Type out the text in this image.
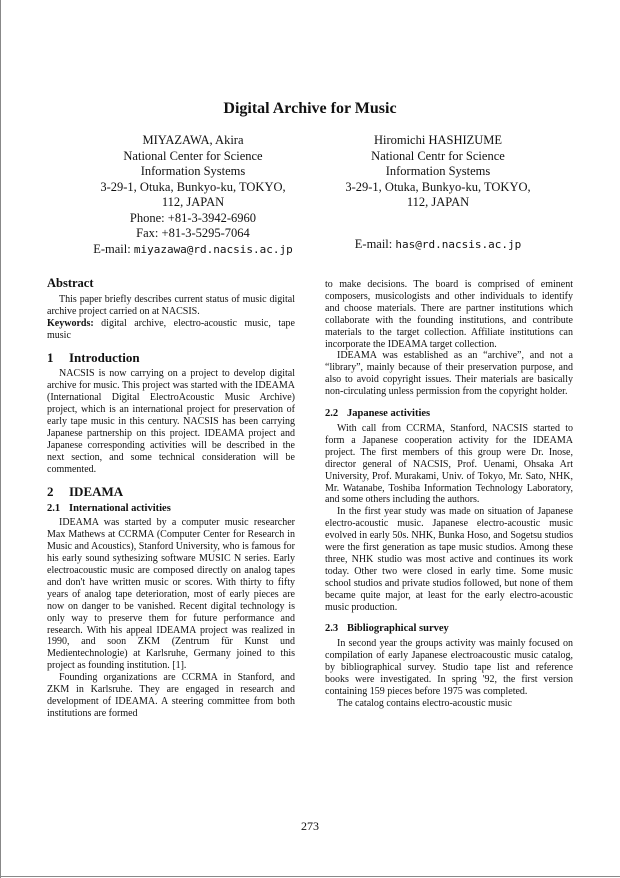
Digital Archive for Music
MIYAZAWA, Akira
National Center for Science
Information Systems
3-29-1, Otuka, Bunkyo-ku, TOKYO,
112, JAPAN
Phone: +81-3-3942-6960
Fax: +81-3-5295-7064
E-mail: miyazawa@rd.nacsis.ac.jp
Hiromichi HASHIZUME
National Centr for Science
Information Systems
3-29-1, Otuka, Bunkyo-ku, TOKYO,
112, JAPAN
E-mail: has@rd.nacsis.ac.jp
Abstract

This paper briefly describes current status of music digital archive project carried on at NACSIS.

Keywords: digital archive, electro-acoustic music, tape music

1 Introduction

NACSIS is now carrying on a project to develop digital archive for music. This project was started with the IDEAMA (International Digital ElectroAcoustic Music Archive) project, which is an international project for preservation of early tape music in this century. NACSIS has been carrying Japanese partnership on this project. IDEAMA project and Japanese corresponding activities will be described in the next section, and some technical consideration will be commented.

2 IDEAMA
2.1 International activities

IDEAMA was started by a computer music researcher Max Mathews at CCRMA (Computer Center for Research in Music and Acoustics), Stanford University, who is famous for his early sound sythesizing software MUSIC N series. Early electroacoustic music are composed directly on analog tapes and don't have written music or scores. With thirty to fifty years of analog tape deterioration, most of early pieces are now on danger to be vanished. Recent digital technology is only way to preserve them for future performance and research. With his appeal IDEAMA project was realized in 1990, and soon ZKM (Zentrum für Kunst und Medientechnologie) at Karlsruhe, Germany joined to this project as founding institution. [1].

Founding organizations are CCRMA in Stanford, and ZKM in Karlsruhe. They are engaged in research and development of IDEAMA. A steering committee from both institutions are formed

to make decisions. The board is comprised of eminent composers, musicologists and other individuals to identify and choose materials. There are partner institutions which collaborate with the founding institutions, and contribute materials to the target collection. Affiliate institutions can incorporate the IDEAMA target collection.

IDEAMA was established as an “archive”, and not a “library”, mainly because of their preservation purpose, and also to avoid copyright issues. Their materials are basically non-circulating unless permission from the copyright holder.

2.2 Japanese activities

With call from CCRMA, Stanford, NACSIS started to form a Japanese cooperation activity for the IDEAMA project. The first members of this group were Dr. Inose, director general of NACSIS, Prof. Uenami, Ohsaka Art University, Prof. Murakami, Univ. of Tokyo, Mr. Sato, NHK, Mr. Watanabe, Toshiba Information Technology Laboratory, and some others including the authors.

In the first year study was made on situation of Japanese electro-acoustic music. Japanese electro-acoustic music evolved in early 50s. NHK, Bunka Hoso, and Sogetsu studios were the first generation as tape music studios. Among these three, NHK studio was most active and continues its work today. Other two were closed in early time. Some music school studios and private studios followed, but none of them became quite major, at least for the early electro-acoustic music production.

2.3 Bibliographical survey

In second year the groups activity was mainly focused on compilation of early Japanese electroacoustic music catalog, by bibliographical survey. Studio tape list and reference books were investigated. In spring '92, the first version containing 159 pieces before 1975 was completed.

The catalog contains electro-acoustic music

273
